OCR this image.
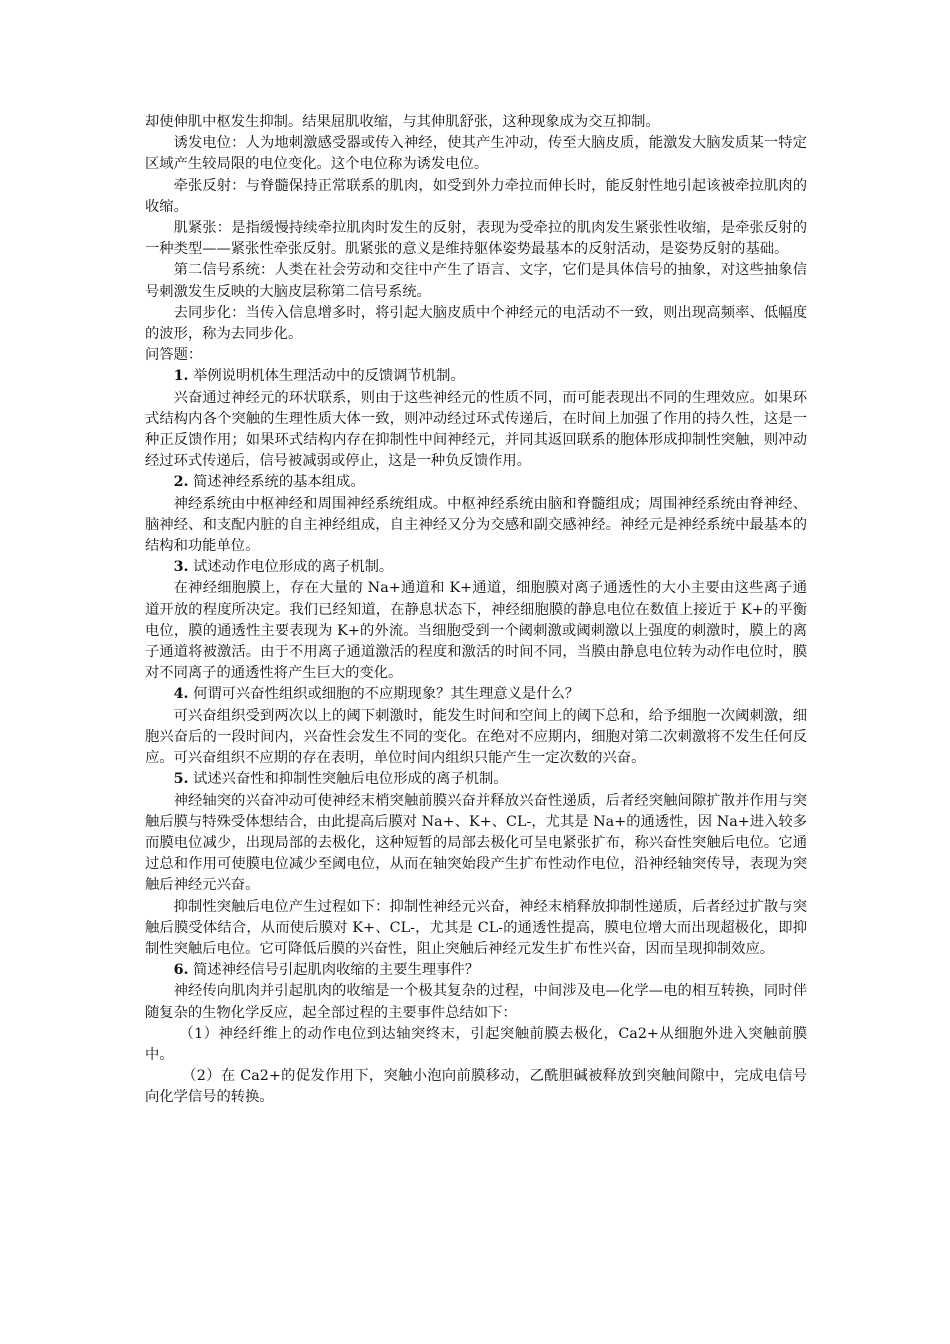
却使伸肌中枢发生抑制。结果屈肌收缩，与其伸肌舒张，这种现象成为交互抑制。

诱发电位：人为地刺激感受器或传入神经，使其产生冲动，传至大脑皮质，能激发大脑发质某一特定区域产生较局限的电位变化。这个电位称为诱发电位。

牵张反射：与脊髓保持正常联系的肌肉，如受到外力牵拉而伸长时，能反射性地引起该被牵拉肌肉的收缩。

肌紧张：是指缓慢持续牵拉肌肉时发生的反射，表现为受牵拉的肌肉发生紧张性收缩，是牵张反射的一种类型——紧张性牵张反射。肌紧张的意义是维持躯体姿势最基本的反射活动，是姿势反射的基础。

第二信号系统：人类在社会劳动和交往中产生了语言、文字，它们是具体信号的抽象，对这些抽象信号刺激发生反映的大脑皮层称第二信号系统。

去同步化：当传入信息增多时，将引起大脑皮质中个神经元的电活动不一致，则出现高频率、低幅度的波形，称为去同步化。

问答题：

1. 举例说明机体生理活动中的反馈调节机制。

兴奋通过神经元的环状联系，则由于这些神经元的性质不同，而可能表现出不同的生理效应。如果环式结构内各个突触的生理性质大体一致，则冲动经过环式传递后，在时间上加强了作用的持久性，这是一种正反馈作用；如果环式结构内存在抑制性中间神经元，并同其返回联系的胞体形成抑制性突触，则冲动经过环式传递后，信号被减弱或停止，这是一种负反馈作用。

2. 简述神经系统的基本组成。

神经系统由中枢神经和周围神经系统组成。中枢神经系统由脑和脊髓组成；周围神经系统由脊神经、脑神经、和支配内脏的自主神经组成，自主神经又分为交感和副交感神经。神经元是神经系统中最基本的结构和功能单位。

3. 试述动作电位形成的离子机制。

在神经细胞膜上，存在大量的 Na+通道和 K+通道，细胞膜对离子通透性的大小主要由这些离子通道开放的程度所决定。我们已经知道，在静息状态下，神经细胞膜的静息电位在数值上接近于 K+的平衡电位，膜的通透性主要表现为 K+的外流。当细胞受到一个阈刺激或阈刺激以上强度的刺激时，膜上的离子通道将被激活。由于不用离子通道激活的程度和激活的时间不同，当膜由静息电位转为动作电位时，膜对不同离子的通透性将产生巨大的变化。

4. 何谓可兴奋性组织或细胞的不应期现象？其生理意义是什么？

可兴奋组织受到两次以上的阈下刺激时，能发生时间和空间上的阈下总和，给予细胞一次阈刺激，细胞兴奋后的一段时间内，兴奋性会发生不同的变化。在绝对不应期内，细胞对第二次刺激将不发生任何反应。可兴奋组织不应期的存在表明，单位时间内组织只能产生一定次数的兴奋。

5. 试述兴奋性和抑制性突触后电位形成的离子机制。

神经轴突的兴奋冲动可使神经末梢突触前膜兴奋并释放兴奋性递质，后者经突触间隙扩散并作用与突触后膜与特殊受体想结合，由此提高后膜对 Na+、K+、CL-，尤其是 Na+的通透性，因 Na+进入较多而膜电位减少，出现局部的去极化，这种短暂的局部去极化可呈电紧张扩布，称兴奋性突触后电位。它通过总和作用可使膜电位减少至阈电位，从而在轴突始段产生扩布性动作电位，沿神经轴突传导，表现为突触后神经元兴奋。

抑制性突触后电位产生过程如下：抑制性神经元兴奋，神经末梢释放抑制性递质，后者经过扩散与突触后膜受体结合，从而使后膜对 K+、CL-，尤其是 CL-的通透性提高，膜电位增大而出现超极化，即抑制性突触后电位。它可降低后膜的兴奋性，阻止突触后神经元发生扩布性兴奋，因而呈现抑制效应。

6. 简述神经信号引起肌肉收缩的主要生理事件？

神经传向肌肉并引起肌肉的收缩是一个极其复杂的过程，中间涉及电—化学—电的相互转换，同时伴随复杂的生物化学反应，起全部过程的主要事件总结如下：

（1）神经纤维上的动作电位到达轴突终末，引起突触前膜去极化，Ca2+从细胞外进入突触前膜中。

（2）在 Ca2+的促发作用下，突触小泡向前膜移动，乙酰胆碱被释放到突触间隙中，完成电信号向化学信号的转换。
